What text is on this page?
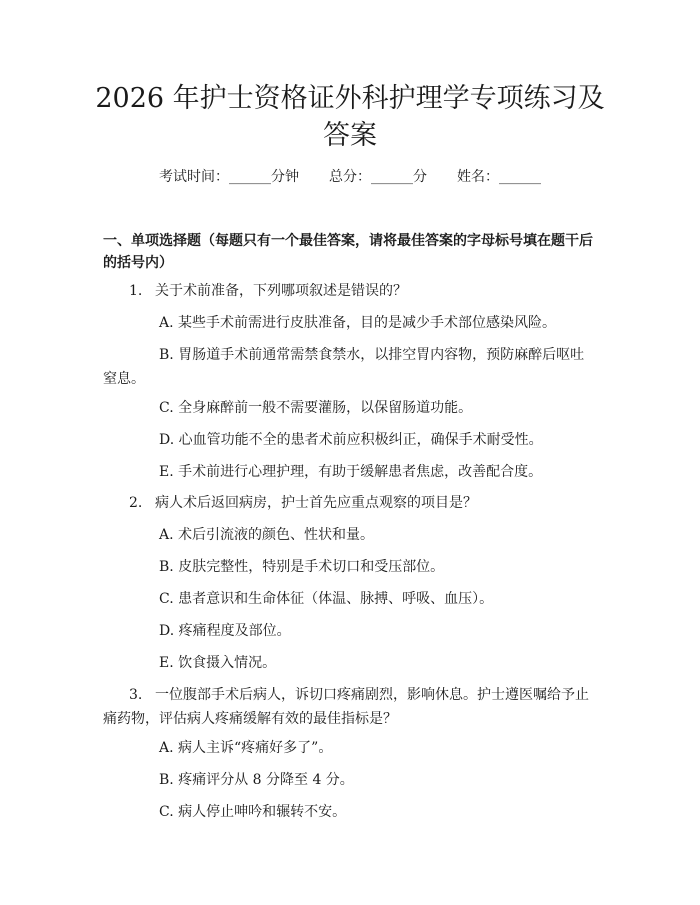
2026 年护士资格证外科护理学专项练习及答案
考试时间：______分钟 总分：______分 姓名：______

一、单项选择题（每题只有一个最佳答案，请将最佳答案的字母标号填在题干后的括号内）

1. 关于术前准备，下列哪项叙述是错误的？

A. 某些手术前需进行皮肤准备，目的是减少手术部位感染风险。

B. 胃肠道手术前通常需禁食禁水，以排空胃内容物，预防麻醉后呕吐窒息。

C. 全身麻醉前一般不需要灌肠，以保留肠道功能。

D. 心血管功能不全的患者术前应积极纠正，确保手术耐受性。

E. 手术前进行心理护理，有助于缓解患者焦虑，改善配合度。

2. 病人术后返回病房，护士首先应重点观察的项目是？

A. 术后引流液的颜色、性状和量。

B. 皮肤完整性，特别是手术切口和受压部位。

C. 患者意识和生命体征（体温、脉搏、呼吸、血压）。

D. 疼痛程度及部位。

E. 饮食摄入情况。

3. 一位腹部手术后病人，诉切口疼痛剧烈，影响休息。护士遵医嘱给予止痛药物，评估病人疼痛缓解有效的最佳指标是？

A. 病人主诉“疼痛好多了”。

B. 疼痛评分从 8 分降至 4 分。

C. 病人停止呻吟和辗转不安。
